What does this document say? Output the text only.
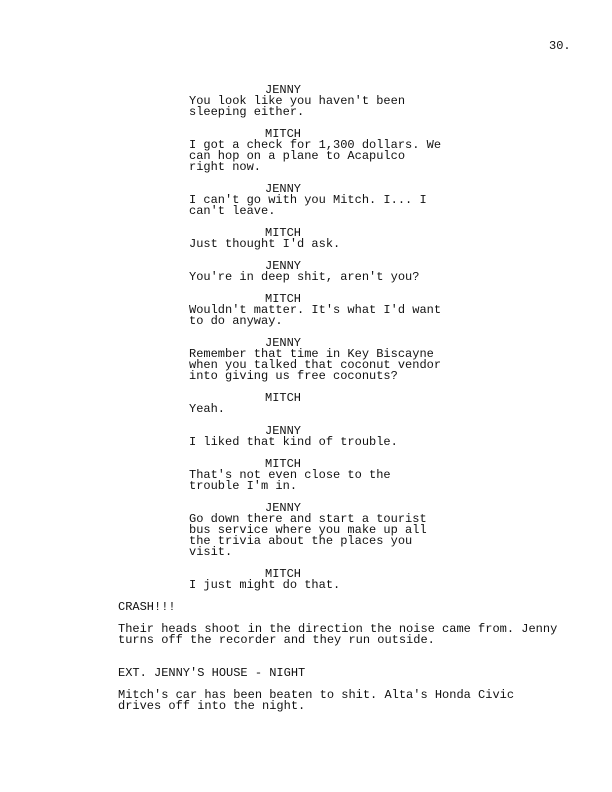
30.
JENNY
You look like you haven't been
sleeping either.
MITCH
I got a check for 1,300 dollars. We
can hop on a plane to Acapulco
right now.
JENNY
I can't go with you Mitch. I... I
can't leave.
MITCH
Just thought I'd ask.
JENNY
You're in deep shit, aren't you?
MITCH
Wouldn't matter. It's what I'd want
to do anyway.
JENNY
Remember that time in Key Biscayne
when you talked that coconut vendor
into giving us free coconuts?
MITCH
Yeah.
JENNY
I liked that kind of trouble.
MITCH
That's not even close to the
trouble I'm in.
JENNY
Go down there and start a tourist
bus service where you make up all
the trivia about the places you
visit.
MITCH
I just might do that.
CRASH!!!
Their heads shoot in the direction the noise came from. Jenny
turns off the recorder and they run outside.
EXT. JENNY'S HOUSE - NIGHT
Mitch's car has been beaten to shit. Alta's Honda Civic
drives off into the night.
